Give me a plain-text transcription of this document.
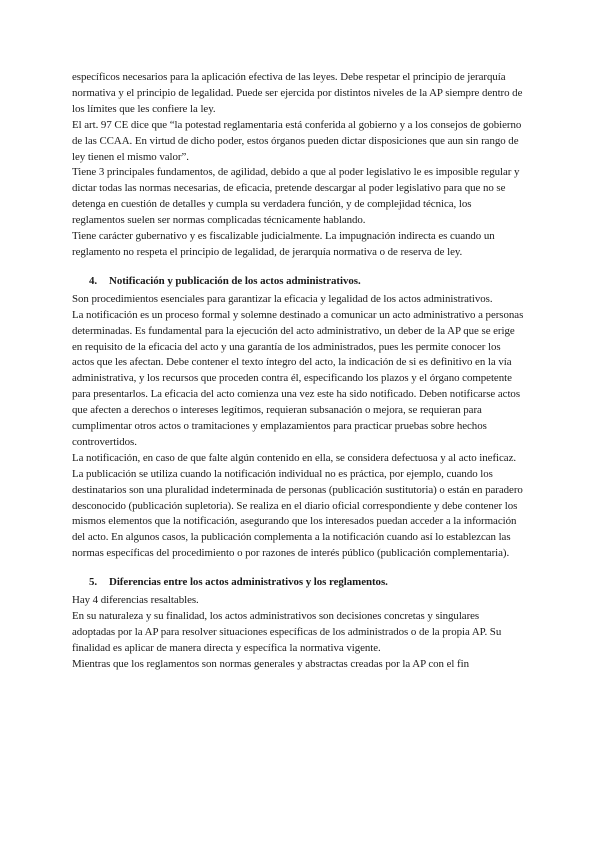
específicos necesarios para la aplicación efectiva de las leyes. Debe respetar el principio de jerarquía normativa y el principio de legalidad. Puede ser ejercida por distintos niveles de la AP siempre dentro de los límites que les confiere la ley.

El art. 97 CE dice que “la potestad reglamentaria está conferida al gobierno y a los consejos de gobierno de las CCAA. En virtud de dicho poder, estos órganos pueden dictar disposiciones que aun sin rango de ley tienen el mismo valor”.

Tiene 3 principales fundamentos, de agilidad, debido a que al poder legislativo le es imposible regular y dictar todas las normas necesarias, de eficacia, pretende descargar al poder legislativo para que no se detenga en cuestión de detalles y cumpla su verdadera función, y de complejidad técnica, los reglamentos suelen ser normas complicadas técnicamente hablando.

Tiene carácter gubernativo y es fiscalizable judicialmente. La impugnación indirecta es cuando un reglamento no respeta el principio de legalidad, de jerarquía normativa o de reserva de ley.

4. Notificación y publicación de los actos administrativos.

Son procedimientos esenciales para garantizar la eficacia y legalidad de los actos administrativos.

La notificación es un proceso formal y solemne destinado a comunicar un acto administrativo a personas determinadas. Es fundamental para la ejecución del acto administrativo, un deber de la AP que se erige en requisito de la eficacia del acto y una garantía de los administrados, pues les permite conocer los actos que les afectan. Debe contener el texto íntegro del acto, la indicación de si es definitivo en la vía administrativa, y los recursos que proceden contra él, especificando los plazos y el órgano competente para presentarlos. La eficacia del acto comienza una vez este ha sido notificado. Deben notificarse actos que afecten a derechos o intereses legítimos, requieran subsanación o mejora, se requieran para cumplimentar otros actos o tramitaciones y emplazamientos para practicar pruebas sobre hechos controvertidos.

La notificación, en caso de que falte algún contenido en ella, se considera defectuosa y al acto ineficaz.

La publicación se utiliza cuando la notificación individual no es práctica, por ejemplo, cuando los destinatarios son una pluralidad indeterminada de personas (publicación sustitutoria) o están en paradero desconocido (publicación supletoria). Se realiza en el diario oficial correspondiente y debe contener los mismos elementos que la notificación, asegurando que los interesados puedan acceder a la información del acto. En algunos casos, la publicación complementa a la notificación cuando así lo establezcan las normas específicas del procedimiento o por razones de interés público (publicación complementaria).

5. Diferencias entre los actos administrativos y los reglamentos.

Hay 4 diferencias resaltables.

En su naturaleza y su finalidad, los actos administrativos son decisiones concretas y singulares adoptadas por la AP para resolver situaciones específicas de los administrados o de la propia AP. Su finalidad es aplicar de manera directa y específica la normativa vigente.

Mientras que los reglamentos son normas generales y abstractas creadas por la AP con el fin
